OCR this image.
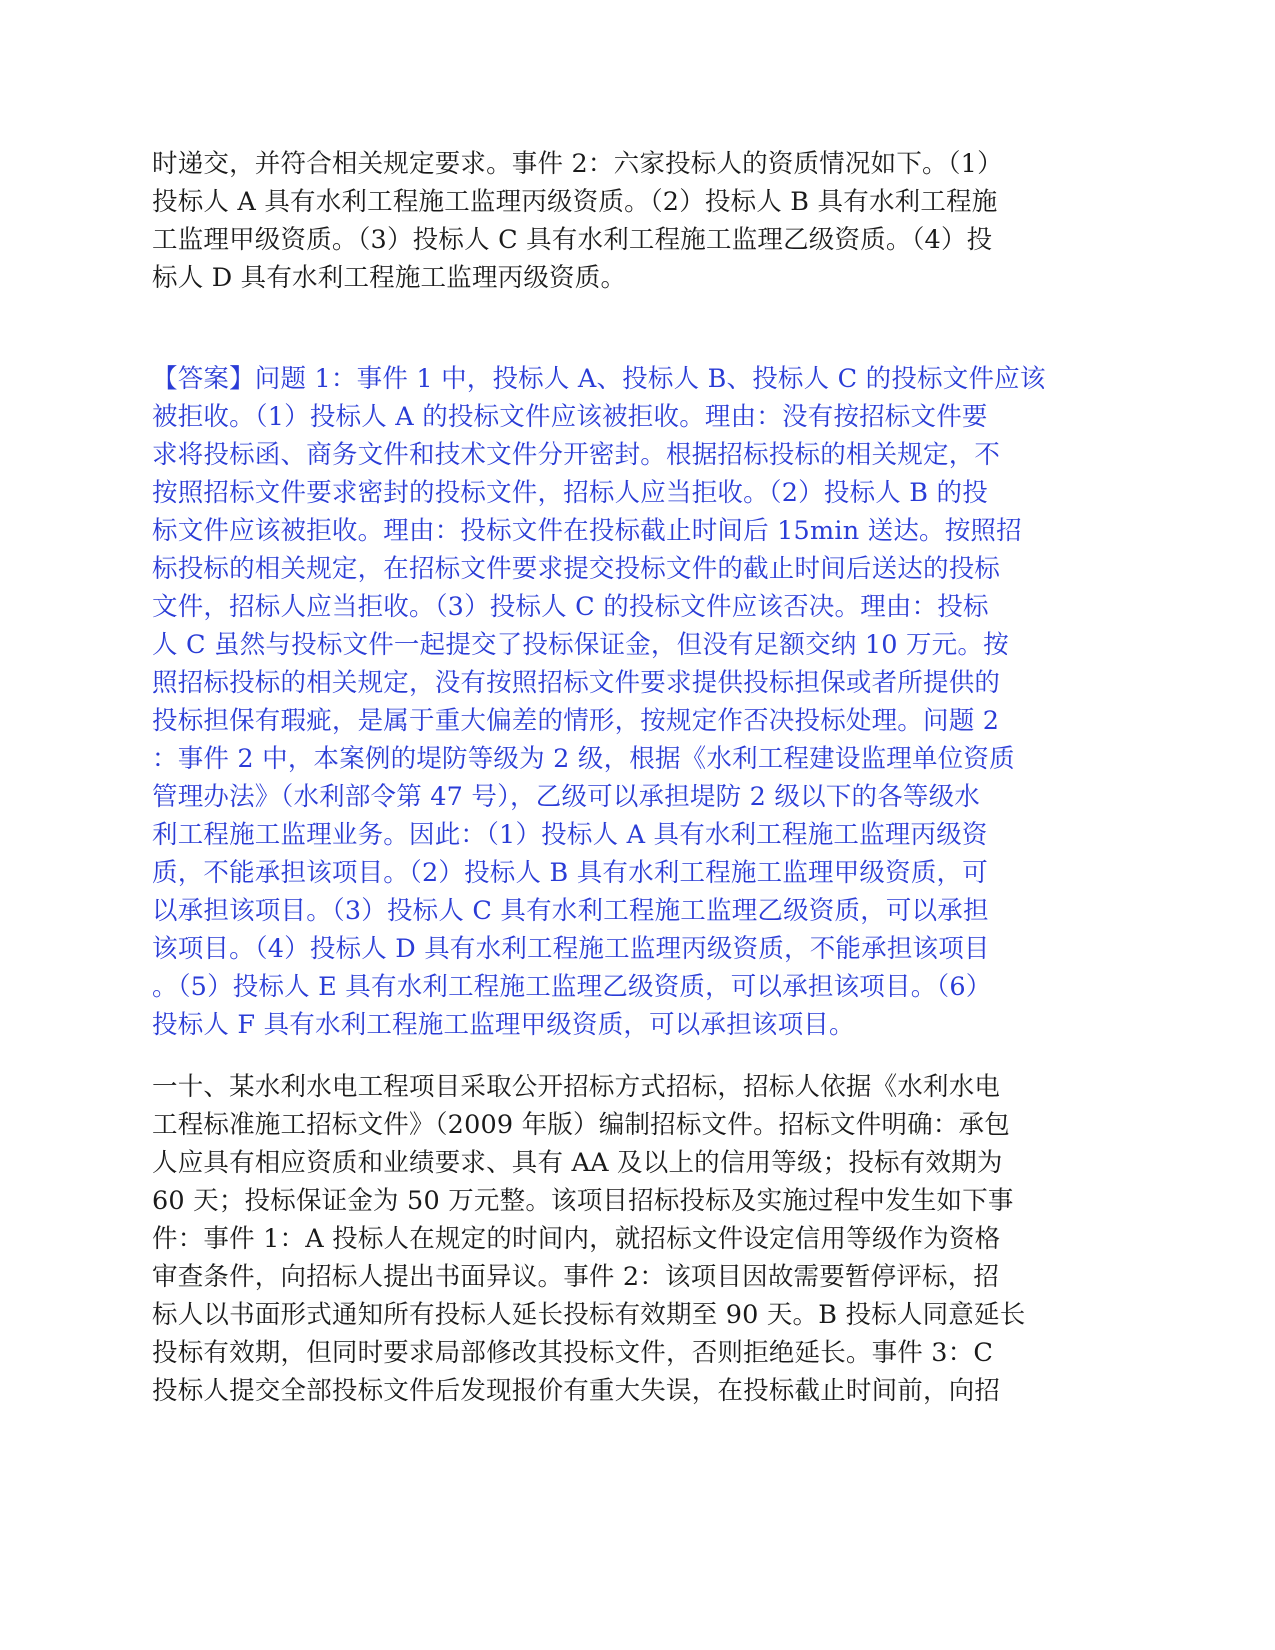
时递交，并符合相关规定要求。事件 2：六家投标人的资质情况如下。（1）
投标人 A 具有水利工程施工监理丙级资质。（2）投标人 B 具有水利工程施
工监理甲级资质。（3）投标人 C 具有水利工程施工监理乙级资质。（4）投
标人 D 具有水利工程施工监理丙级资质。
【答案】问题 1：事件 1 中，投标人 A、投标人 B、投标人 C 的投标文件应该
被拒收。（1）投标人 A 的投标文件应该被拒收。理由：没有按招标文件要
求将投标函、商务文件和技术文件分开密封。根据招标投标的相关规定，不
按照招标文件要求密封的投标文件，招标人应当拒收。（2）投标人 B 的投
标文件应该被拒收。理由：投标文件在投标截止时间后 15min 送达。按照招
标投标的相关规定，在招标文件要求提交投标文件的截止时间后送达的投标
文件，招标人应当拒收。（3）投标人 C 的投标文件应该否决。理由：投标
人 C 虽然与投标文件一起提交了投标保证金，但没有足额交纳 10 万元。按
照招标投标的相关规定，没有按照招标文件要求提供投标担保或者所提供的
投标担保有瑕疵，是属于重大偏差的情形，按规定作否决投标处理。问题 2
：事件 2 中，本案例的堤防等级为 2 级，根据《水利工程建设监理单位资质
管理办法》（水利部令第 47 号），乙级可以承担堤防 2 级以下的各等级水
利工程施工监理业务。因此：（1）投标人 A 具有水利工程施工监理丙级资
质，不能承担该项目。（2）投标人 B 具有水利工程施工监理甲级资质，可
以承担该项目。（3）投标人 C 具有水利工程施工监理乙级资质，可以承担
该项目。（4）投标人 D 具有水利工程施工监理丙级资质，不能承担该项目
。（5）投标人 E 具有水利工程施工监理乙级资质，可以承担该项目。（6）
投标人 F 具有水利工程施工监理甲级资质，可以承担该项目。
一十、某水利水电工程项目采取公开招标方式招标，招标人依据《水利水电
工程标准施工招标文件》（2009 年版）编制招标文件。招标文件明确：承包
人应具有相应资质和业绩要求、具有 AA 及以上的信用等级；投标有效期为
60 天；投标保证金为 50 万元整。该项目招标投标及实施过程中发生如下事
件：事件 1：A 投标人在规定的时间内，就招标文件设定信用等级作为资格
审查条件，向招标人提出书面异议。事件 2：该项目因故需要暂停评标，招
标人以书面形式通知所有投标人延长投标有效期至 90 天。B 投标人同意延长
投标有效期，但同时要求局部修改其投标文件，否则拒绝延长。事件 3：C
投标人提交全部投标文件后发现报价有重大失误，在投标截止时间前，向招
